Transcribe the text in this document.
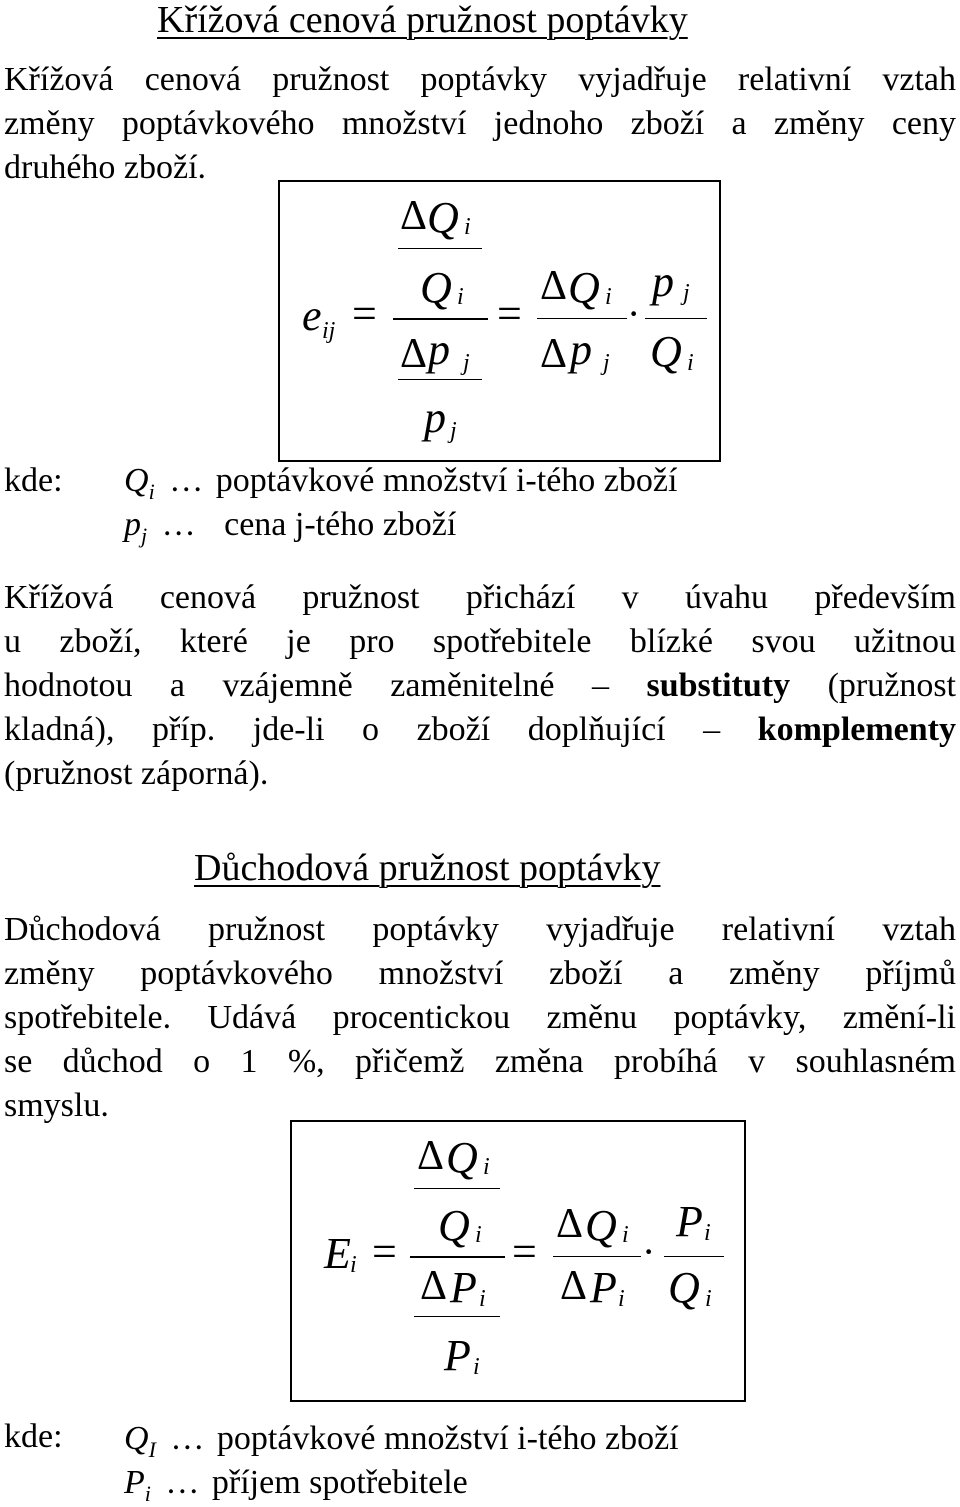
Křížová cenová pružnost poptávky
Křížová cenová pružnost poptávky vyjadřuje relativní vztah
změny poptávkového množství jednoho zboží a změny ceny
druhého zboží.
Δ Q i
Q i
e ij =
Δ p j
p j
=
Δ Q i
Δ p j
·
p j
Q i
kde: $Q_i$ … poptávkové množství i-tého zboží
$p_j$ … cena j-tého zboží
Křížová cenová pružnost přichází v úvahu především
u zboží, které je pro spotřebitele blízké svou užitnou
hodnotou a vzájemně zaměnitelné – substituty (pružnost
kladná), příp. jde-li o zboží doplňující – komplementy
(pružnost záporná).
Důchodová pružnost poptávky
Důchodová pružnost poptávky vyjadřuje relativní vztah
změny poptávkového množství zboží a změny příjmů
spotřebitele. Udává procentickou změnu poptávky, změní-li
se důchod o 1 %, přičemž změna probíhá v souhlasném
smyslu.
Δ Q i
Q i
E i =
Δ P i
P i
=
Δ Q i
Δ P i
·
P i
Q i
kde: $Q_I$ … poptávkové množství i-tého zboží
$P_i$ … příjem spotřebitele
